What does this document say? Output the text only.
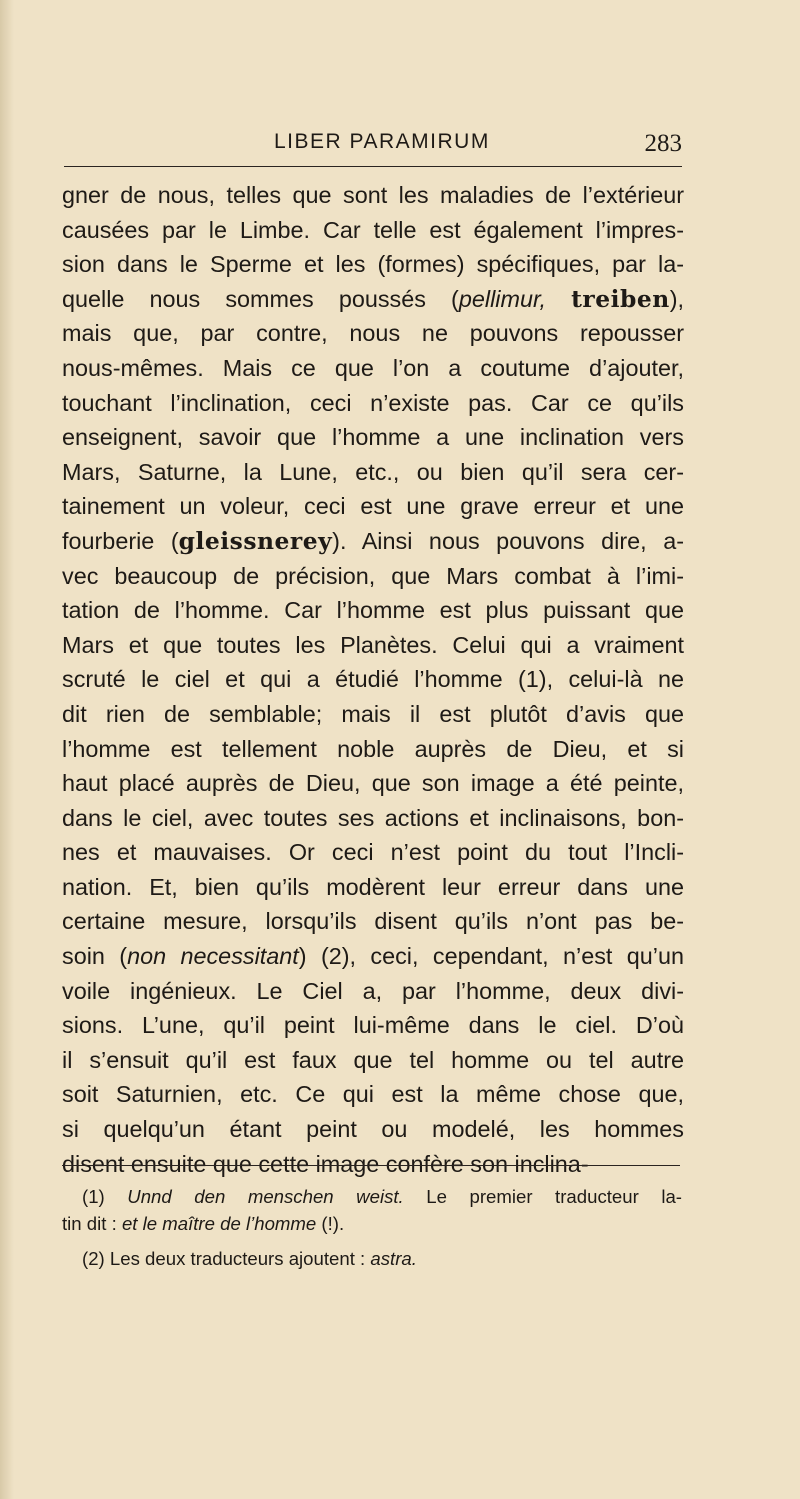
LIBER PARAMIRUM	283
gner de nous, telles que sont les maladies de l’extérieur
causées par le Limbe. Car telle est également l’impres-
sion dans le Sperme et les (formes) spécifiques, par la-
quelle nous sommes poussés (pellimur, treiben),
mais que, par contre, nous ne pouvons repousser
nous-mêmes. Mais ce que l’on a coutume d’ajouter,
touchant l’inclination, ceci n’existe pas. Car ce qu’ils
enseignent, savoir que l’homme a une inclination vers
Mars, Saturne, la Lune, etc., ou bien qu’il sera cer-
tainement un voleur, ceci est une grave erreur et une
fourberie (gleissnerey). Ainsi nous pouvons dire, a-
vec beaucoup de précision, que Mars combat à l’imi-
tation de l’homme. Car l’homme est plus puissant que
Mars et que toutes les Planètes. Celui qui a vraiment
scruté le ciel et qui a étudié l’homme (1), celui-là ne
dit rien de semblable; mais il est plutôt d’avis que
l’homme est tellement noble auprès de Dieu, et si
haut placé auprès de Dieu, que son image a été peinte,
dans le ciel, avec toutes ses actions et inclinaisons, bon-
nes et mauvaises. Or ceci n’est point du tout l’Incli-
nation. Et, bien qu’ils modèrent leur erreur dans une
certaine mesure, lorsqu’ils disent qu’ils n’ont pas be-
soin (non necessitant) (2), ceci, cependant, n’est qu’un
voile ingénieux. Le Ciel a, par l’homme, deux divi-
sions. L’une, qu’il peint lui-même dans le ciel. D’où
il s’ensuit qu’il est faux que tel homme ou tel autre
soit Saturnien, etc. Ce qui est la même chose que,
si quelqu’un étant peint ou modelé, les hommes
disent ensuite que cette image confère son inclina-
(1) Unnd den menschen weist. Le premier traducteur la-
tin dit : et le maître de l’homme (!).
(2) Les deux traducteurs ajoutent : astra.
